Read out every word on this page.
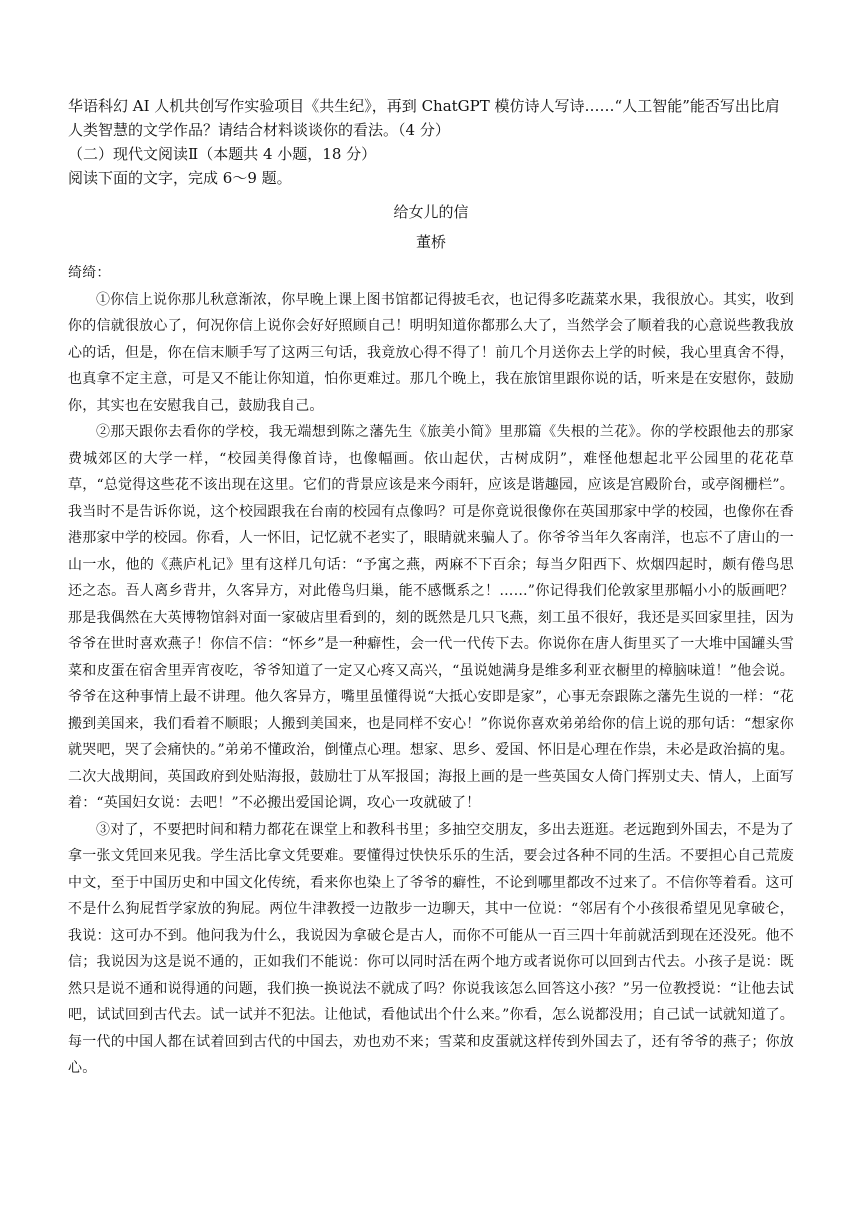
华语科幻 AI 人机共创写作实验项目《共生纪》，再到 ChatGPT 模仿诗人写诗……“人工智能”能否写出比肩人类智慧的文学作品？请结合材料谈谈你的看法。（4 分）

（二）现代文阅读Ⅱ（本题共 4 小题，18 分）

阅读下面的文字，完成 6～9 题。

给女儿的信
董桥

绮绮：

①你信上说你那儿秋意渐浓，你早晚上课上图书馆都记得披毛衣，也记得多吃蔬菜水果，我很放心。其实，收到你的信就很放心了，何况你信上说你会好好照顾自己！明明知道你都那么大了，当然学会了顺着我的心意说些教我放心的话，但是，你在信末顺手写了这两三句话，我竟放心得不得了！前几个月送你去上学的时候，我心里真舍不得，也真拿不定主意，可是又不能让你知道，怕你更难过。那几个晚上，我在旅馆里跟你说的话，听来是在安慰你，鼓励你，其实也在安慰我自己，鼓励我自己。

②那天跟你去看你的学校，我无端想到陈之藩先生《旅美小简》里那篇《失根的兰花》。你的学校跟他去的那家费城郊区的大学一样，“校园美得像首诗，也像幅画。依山起伏，古树成阴”，难怪他想起北平公园里的花花草草，“总觉得这些花不该出现在这里。它们的背景应该是来今雨轩，应该是谐趣园，应该是宫殿阶台，或亭阁栅栏”。我当时不是告诉你说，这个校园跟我在台南的校园有点像吗？可是你竟说很像你在英国那家中学的校园，也像你在香港那家中学的校园。你看，人一怀旧，记忆就不老实了，眼睛就来骗人了。你爷爷当年久客南洋，也忘不了唐山的一山一水，他的《燕庐札记》里有这样几句话：“予寓之燕，两麻不下百余；每当夕阳西下、炊烟四起时，颇有倦鸟思还之态。吾人离乡背井，久客异方，对此倦鸟归巢，能不感慨系之！……”你记得我们伦敦家里那幅小小的版画吧？那是我偶然在大英博物馆斜对面一家破店里看到的，刻的既然是几只飞燕，刻工虽不很好，我还是买回家里挂，因为爷爷在世时喜欢燕子！你信不信：“怀乡”是一种癖性，会一代一代传下去。你说你在唐人街里买了一大堆中国罐头雪菜和皮蛋在宿舍里弄宵夜吃，爷爷知道了一定又心疼又高兴，“虽说她满身是维多利亚衣橱里的樟脑味道！”他会说。爷爷在这种事情上最不讲理。他久客异方，嘴里虽懂得说“大抵心安即是家”，心事无奈跟陈之藩先生说的一样：“花搬到美国来，我们看着不顺眼；人搬到美国来，也是同样不安心！”你说你喜欢弟弟给你的信上说的那句话：“想家你就哭吧，哭了会痛快的。”弟弟不懂政治，倒懂点心理。想家、思乡、爱国、怀旧是心理在作祟，未必是政治搞的鬼。二次大战期间，英国政府到处贴海报，鼓励壮丁从军报国；海报上画的是一些英国女人倚门挥别丈夫、情人，上面写着：“英国妇女说：去吧！”不必搬出爱国论调，攻心一攻就破了！

③对了，不要把时间和精力都花在课堂上和教科书里；多抽空交朋友，多出去逛逛。老远跑到外国去，不是为了拿一张文凭回来见我。学生活比拿文凭要难。要懂得过快快乐乐的生活，要会过各种不同的生活。不要担心自己荒废中文，至于中国历史和中国文化传统，看来你也染上了爷爷的癖性，不论到哪里都改不过来了。不信你等着看。这可不是什么狗屁哲学家放的狗屁。两位牛津教授一边散步一边聊天，其中一位说：“邻居有个小孩很希望见见拿破仑，我说：这可办不到。他问我为什么，我说因为拿破仑是古人，而你不可能从一百三四十年前就活到现在还没死。他不信；我说因为这是说不通的，正如我们不能说：你可以同时活在两个地方或者说你可以回到古代去。小孩子是说：既然只是说不通和说得通的问题，我们换一换说法不就成了吗？你说我该怎么回答这小孩？”另一位教授说：“让他去试吧，试试回到古代去。试一试并不犯法。让他试，看他试出个什么来。”你看，怎么说都没用；自己试一试就知道了。每一代的中国人都在试着回到古代的中国去，劝也劝不来；雪菜和皮蛋就这样传到外国去了，还有爷爷的燕子；你放心。
